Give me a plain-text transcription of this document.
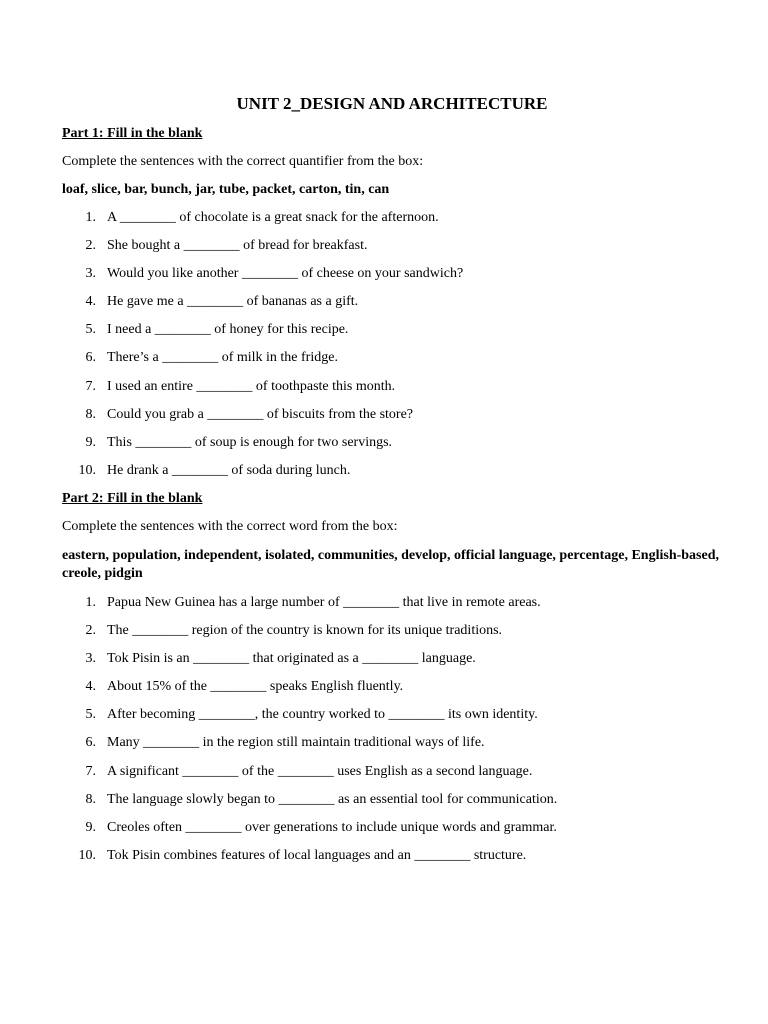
UNIT 2_DESIGN AND ARCHITECTURE

Part 1: Fill in the blank

Complete the sentences with the correct quantifier from the box:

loaf, slice, bar, bunch, jar, tube, packet, carton, tin, can

1. A ________ of chocolate is a great snack for the afternoon.
2. She bought a ________ of bread for breakfast.
3. Would you like another ________ of cheese on your sandwich?
4. He gave me a ________ of bananas as a gift.
5. I need a ________ of honey for this recipe.
6. There’s a ________ of milk in the fridge.
7. I used an entire ________ of toothpaste this month.
8. Could you grab a ________ of biscuits from the store?
9. This ________ of soup is enough for two servings.
10. He drank a ________ of soda during lunch.

Part 2: Fill in the blank

Complete the sentences with the correct word from the box:

eastern, population, independent, isolated, communities, develop, official language, percentage, English-based, creole, pidgin

1. Papua New Guinea has a large number of ________ that live in remote areas.
2. The ________ region of the country is known for its unique traditions.
3. Tok Pisin is an ________ that originated as a ________ language.
4. About 15% of the ________ speaks English fluently.
5. After becoming ________, the country worked to ________ its own identity.
6. Many ________ in the region still maintain traditional ways of life.
7. A significant ________ of the ________ uses English as a second language.
8. The language slowly began to ________ as an essential tool for communication.
9. Creoles often ________ over generations to include unique words and grammar.
10. Tok Pisin combines features of local languages and an ________ structure.
